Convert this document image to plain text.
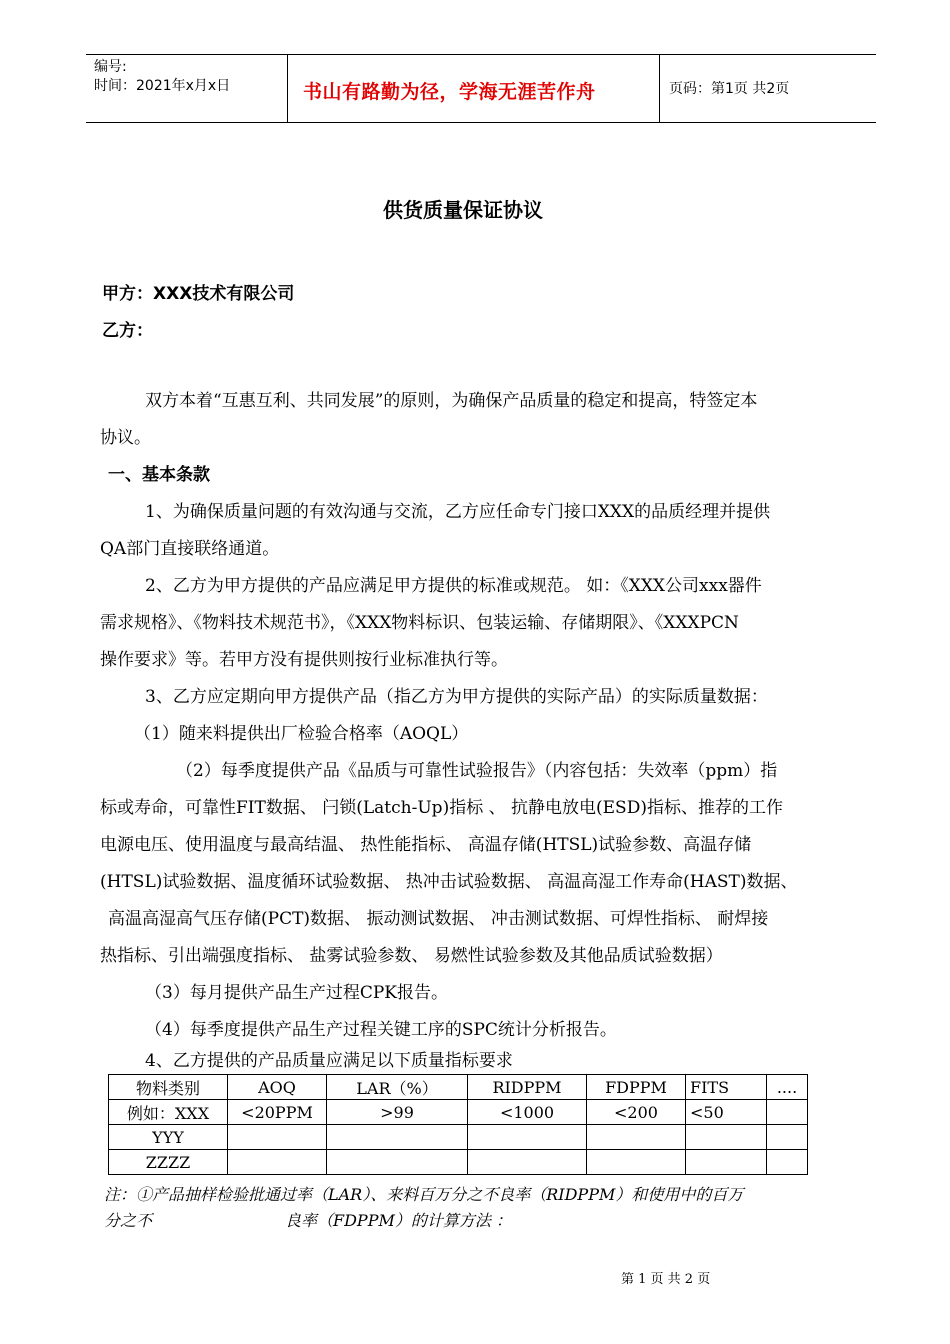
编号:
时间：2021年x月x日	书山有路勤为径，学海无涯苦作舟	页码：第1页 共2页
供货质量保证协议
甲方：XXX技术有限公司
乙方：
双方本着“互惠互利、共同发展”的原则，为确保产品质量的稳定和提高，特签定本
协议。
一、基本条款
1、为确保质量问题的有效沟通与交流，乙方应任命专门接口XXX的品质经理并提供
QA部门直接联络通道。
2、乙方为甲方提供的产品应满足甲方提供的标准或规范。 如：《XXX公司xxx器件
需求规格》、《物料技术规范书》，《XXX物料标识、包装运输、存储期限》、《XXXPCN
操作要求》等。若甲方没有提供则按行业标准执行等。
3、乙方应定期向甲方提供产品（指乙方为甲方提供的实际产品）的实际质量数据：
（1）随来料提供出厂检验合格率（AOQL）
（2）每季度提供产品《品质与可靠性试验报告》（内容包括：失效率（ppm）指
标或寿命，可靠性FIT数据、 闩锁(Latch-Up)指标 、 抗静电放电(ESD)指标、推荐的工作
电源电压、使用温度与最高结温、 热性能指标、 高温存储(HTSL)试验参数、高温存储
(HTSL)试验数据、温度循环试验数据、 热冲击试验数据、 高温高湿工作寿命(HAST)数据、
高温高湿高气压存储(PCT)数据、 振动测试数据、 冲击测试数据、可焊性指标、 耐焊接
热指标、引出端强度指标、 盐雾试验参数、 易燃性试验参数及其他品质试验数据）
（3）每月提供产品生产过程CPK报告。
（4）每季度提供产品生产过程关键工序的SPC统计分析报告。
4、乙方提供的产品质量应满足以下质量指标要求
物料类别	AOQ	LAR（%）	RIDPPM	FDPPM	FITS	....
例如：XXX	<20PPM	>99	<1000	<200	<50	
YYY						
ZZZZ						
注：①产品抽样检验批通过率（LAR）、来料百万分之不良率（RIDPPM）和使用中的百万
分之不	良率（FDPPM）的计算方法 ：
第 1 页 共 2 页
